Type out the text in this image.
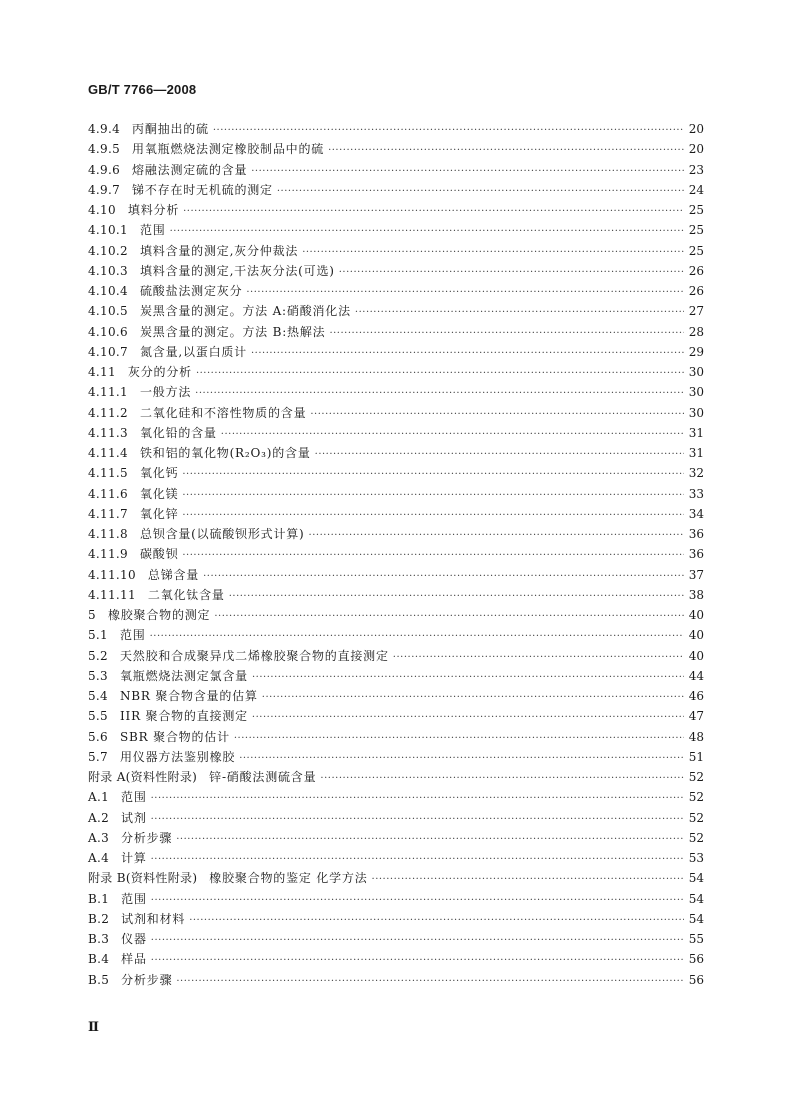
GB/T 7766—2008
4.9.4	丙酮抽出的硫 ·····	20
4.9.5	用氧瓶燃烧法测定橡胶制品中的硫 ·····	20
4.9.6	熔融法测定硫的含量 ·····	23
4.9.7	锑不存在时无机硫的测定 ·····	24
4.10	填料分析 ·····	25
4.10.1	范围 ·····	25
4.10.2	填料含量的测定,灰分仲裁法 ·····	25
4.10.3	填料含量的测定,干法灰分法(可选) ·····	26
4.10.4	硫酸盐法测定灰分 ·····	26
4.10.5	炭黑含量的测定。方法 A:硝酸消化法 ·····	27
4.10.6	炭黑含量的测定。方法 B:热解法 ·····	28
4.10.7	氮含量,以蛋白质计 ·····	29
4.11	灰分的分析 ·····	30
4.11.1	一般方法 ·····	30
4.11.2	二氧化硅和不溶性物质的含量 ·····	30
4.11.3	氧化铅的含量 ·····	31
4.11.4	铁和铝的氧化物(R₂O₃)的含量 ·····	31
4.11.5	氧化钙 ·····	32
4.11.6	氧化镁 ·····	33
4.11.7	氧化锌 ·····	34
4.11.8	总钡含量(以硫酸钡形式计算) ·····	36
4.11.9	碳酸钡 ·····	36
4.11.10	总锑含量 ·····	37
4.11.11	二氧化钛含量 ·····	38
5	橡胶聚合物的测定 ·····	40
5.1	范围 ·····	40
5.2	天然胶和合成聚异戊二烯橡胶聚合物的直接测定 ·····	40
5.3	氧瓶燃烧法测定氯含量 ·····	44
5.4	NBR 聚合物含量的估算 ·····	46
5.5	IIR 聚合物的直接测定 ·····	47
5.6	SBR 聚合物的估计 ·····	48
5.7	用仪器方法鉴别橡胶 ·····	51
附录 A(资料性附录)	锌-硝酸法测硫含量 ·····	52
A.1	范围 ·····	52
A.2	试剂 ·····	52
A.3	分析步骤 ·····	52
A.4	计算 ·····	53
附录 B(资料性附录)	橡胶聚合物的鉴定 化学方法 ·····	54
B.1	范围 ·····	54
B.2	试剂和材料 ·····	54
B.3	仪器 ·····	55
B.4	样品 ·····	56
B.5	分析步骤 ·····	56
Ⅱ
